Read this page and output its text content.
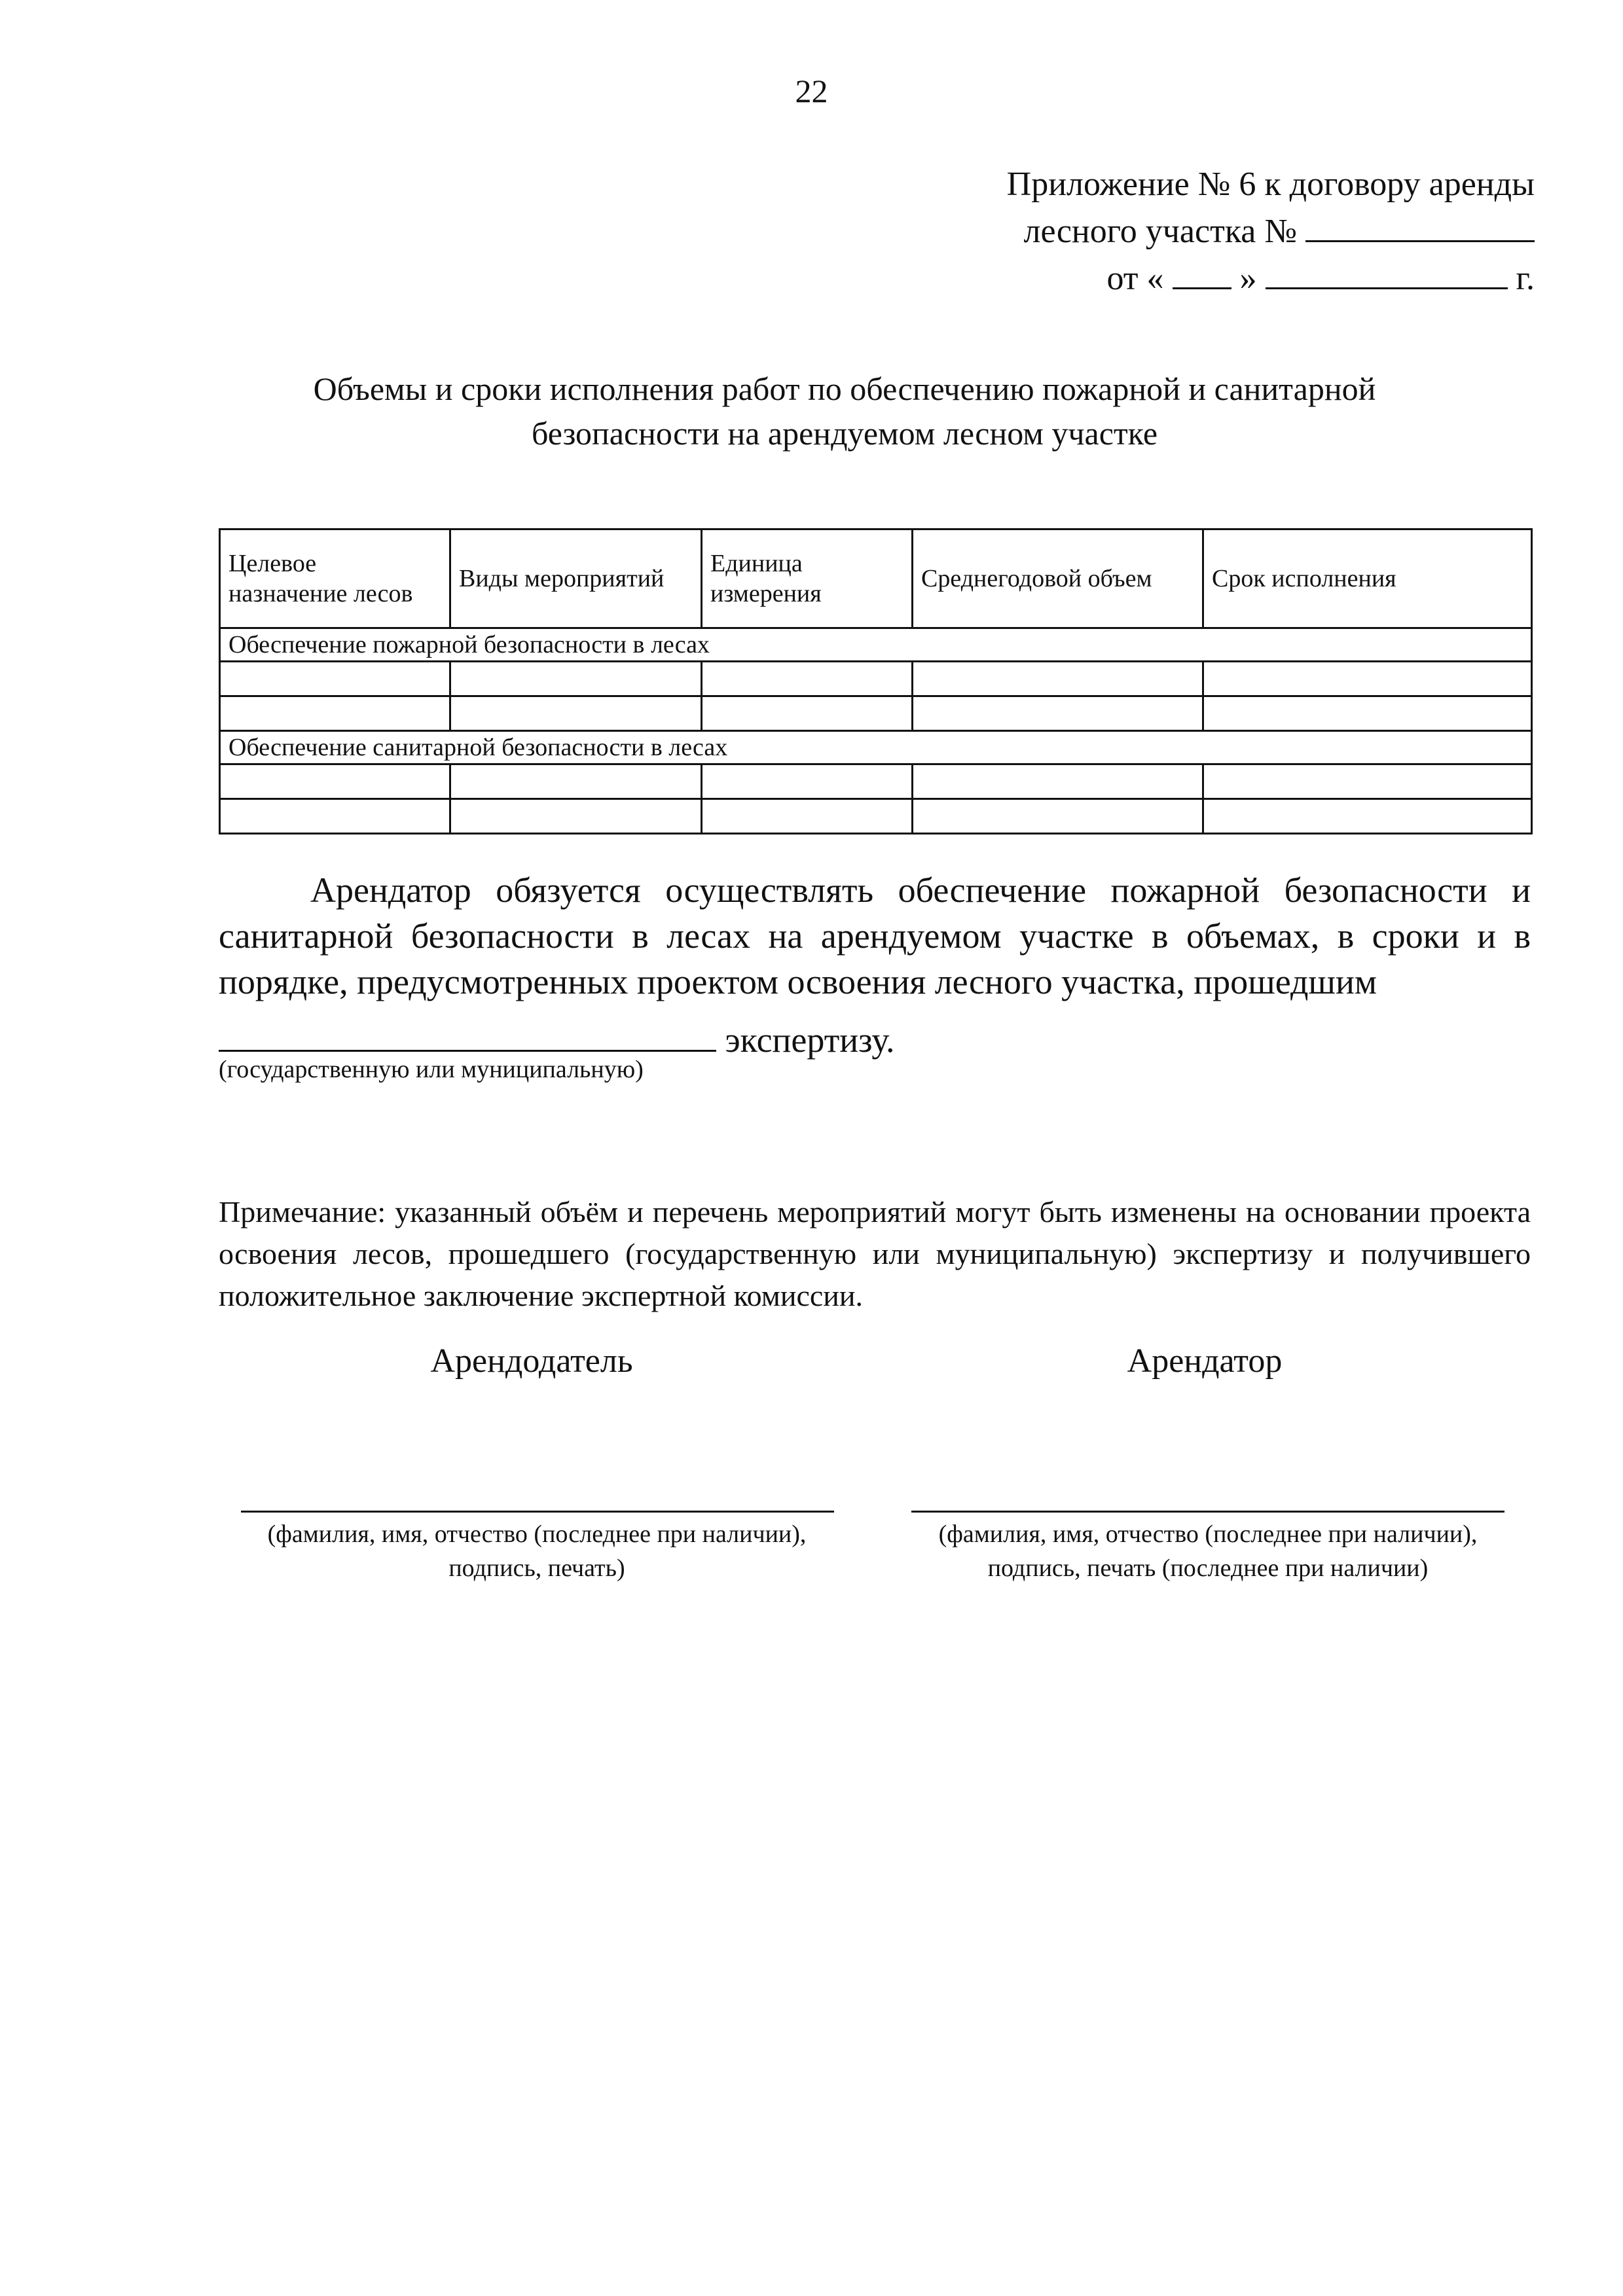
22
Приложение № 6 к договору аренды
лесного участка №
от « »	г.
Объемы и сроки исполнения работ по обеспечению пожарной и санитарной
безопасности на арендуемом лесном участке
Целевое назначение лесов	Виды мероприятий	Единица измерения	Среднегодовой объем	Срок исполнения
Обеспечение пожарной безопасности в лесах				

Обеспечение санитарной безопасности в лесах				

Арендатор обязуется осуществлять обеспечение пожарной безопасности и санитарной безопасности в лесах на арендуемом участке в объемах, в сроки и в порядке, предусмотренных проектом освоения лесного участка, прошедшим

экспертизу.
(государственную или муниципальную)
Примечание: указанный объём и перечень мероприятий могут быть изменены на основании проекта освоения лесов, прошедшего (государственную или муниципальную) экспертизу и получившего положительное заключение экспертной комиссии.
Арендодатель	Арендатор
(фамилия, имя, отчество (последнее при наличии),
подпись, печать)
(фамилия, имя, отчество (последнее при наличии),
подпись, печать (последнее при наличии)
